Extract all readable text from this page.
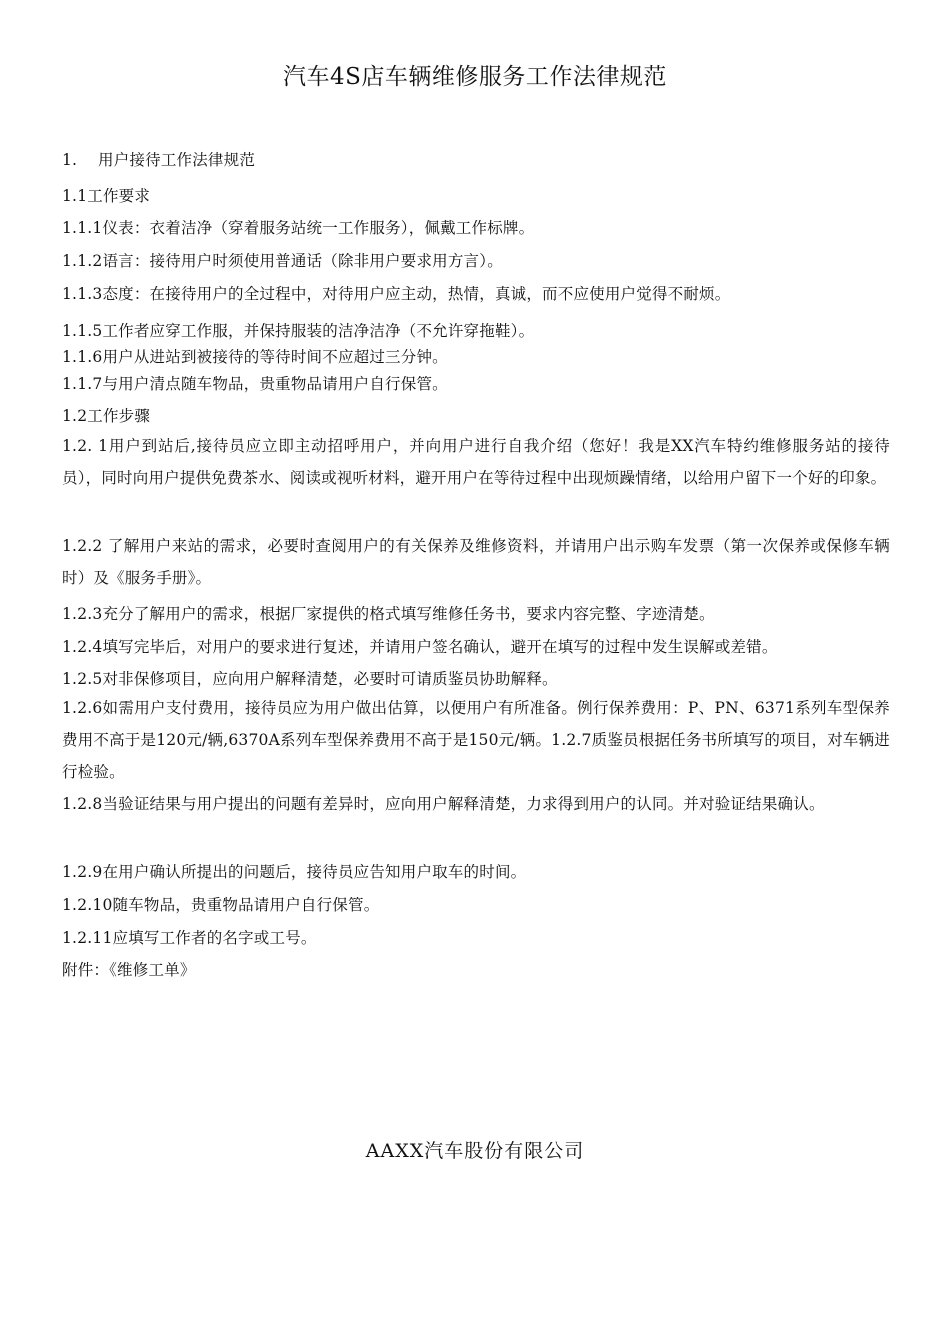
汽车4S店车辆维修服务工作法律规范
1.　 用户接待工作法律规范
1.1工作要求
1.1.1仪表：衣着洁净（穿着服务站统一工作服务），佩戴工作标牌。
1.1.2语言：接待用户时须使用普通话（除非用户要求用方言）。
1.1.3态度：在接待用户的全过程中，对待用户应主动，热情，真诚，而不应使用户觉得不耐烦。
1.1.5工作者应穿工作服，并保持服装的洁净洁净（不允许穿拖鞋）。
1.1.6用户从进站到被接待的等待时间不应超过三分钟。
1.1.7与用户清点随车物品，贵重物品请用户自行保管。
1.2工作步骤
1.2. 1用户到站后,接待员应立即主动招呼用户，并向用户进行自我介绍（您好！我是XX汽车特约维修服务站的接待员），同时向用户提供免费茶水、阅读或视听材料，避开用户在等待过程中出现烦躁情绪，以给用户留下一个好的印象。
1.2.2 了解用户来站的需求，必要时查阅用户的有关保养及维修资料，并请用户出示购车发票（第一次保养或保修车辆时）及《服务手册》。
1.2.3充分了解用户的需求，根据厂家提供的格式填写维修任务书，要求内容完整、字迹清楚。
1.2.4填写完毕后，对用户的要求进行复述，并请用户签名确认，避开在填写的过程中发生误解或差错。
1.2.5对非保修项目，应向用户解释清楚，必要时可请质鉴员协助解释。
1.2.6如需用户支付费用，接待员应为用户做出估算，以便用户有所准备。例行保养费用：P、PN、6371系列车型保养费用不高于是120元/辆,6370A系列车型保养费用不高于是150元/辆。1.2.7质鉴员根据任务书所填写的项目，对车辆进行检验。
1.2.8当验证结果与用户提出的问题有差异时，应向用户解释清楚，力求得到用户的认同。并对验证结果确认。
1.2.9在用户确认所提出的问题后，接待员应告知用户取车的时间。
1.2.10随车物品，贵重物品请用户自行保管。
1.2.11应填写工作者的名字或工号。
附件：《维修工单》
AAXX汽车股份有限公司
